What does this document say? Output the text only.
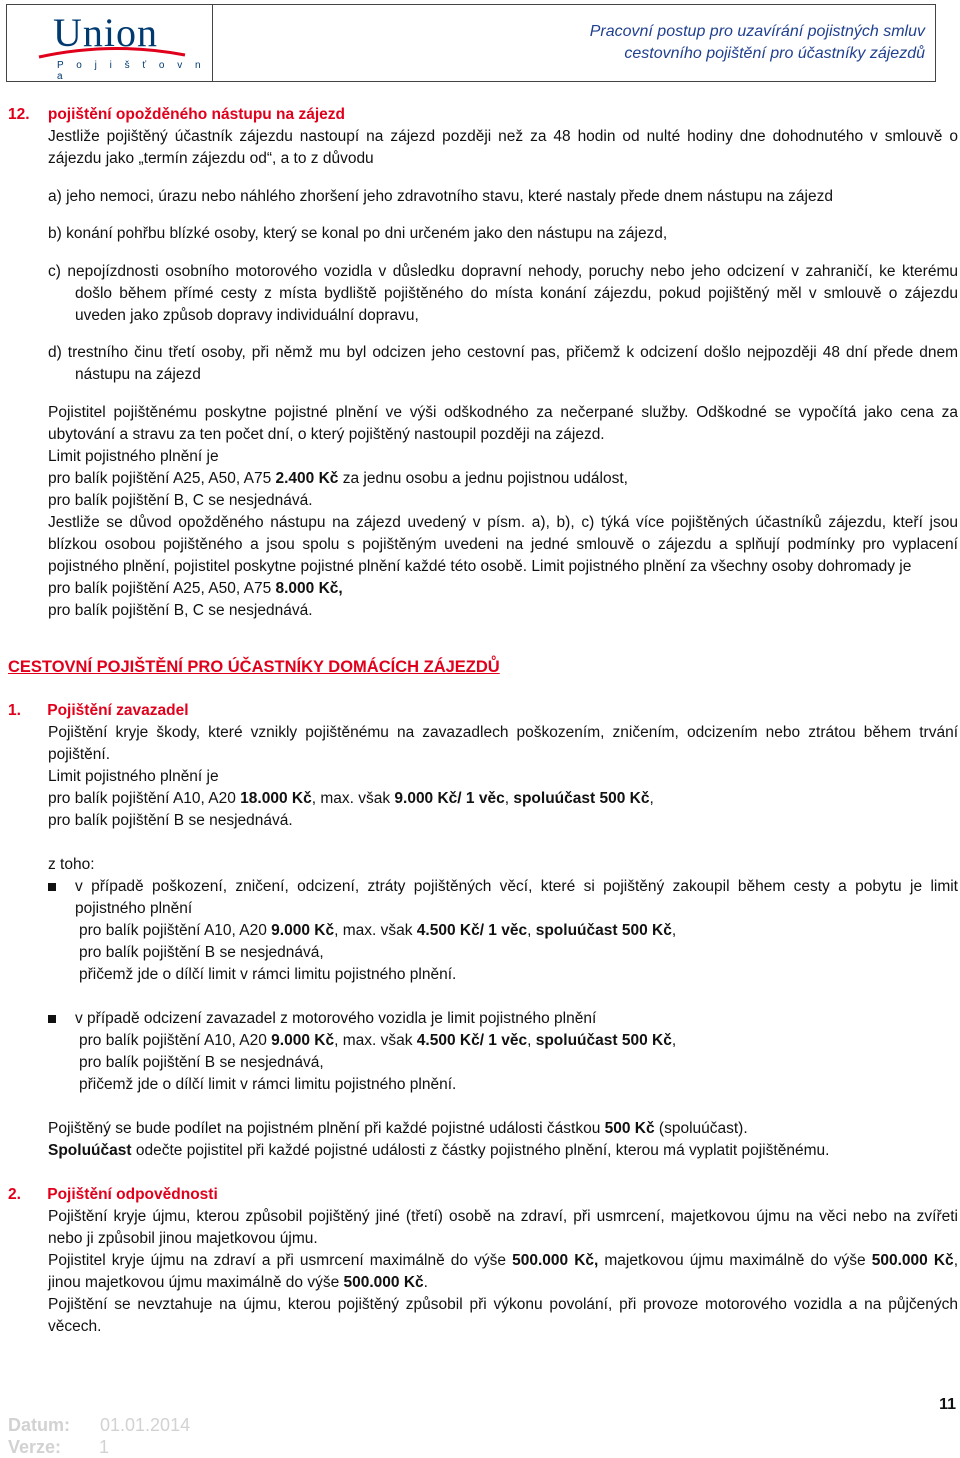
Union
P o j i š ť o v n a
Pracovní postup pro uzavírání pojistných smluv
cestovního pojištění pro účastníky zájezdů

12. pojištění opožděného nástupu na zájezd

Jestliže pojištěný účastník zájezdu nastoupí na zájezd později než za 48 hodin od nulté hodiny dne dohodnutého v smlouvě o zájezdu jako „termín zájezdu od“, a to z důvodu

a) jeho nemoci, úrazu nebo náhlého zhoršení jeho zdravotního stavu, které nastaly přede dnem nástupu na zájezd

b) konání pohřbu blízké osoby, který se konal po dni určeném jako den nástupu na zájezd,

c) nepojízdnosti osobního motorového vozidla v důsledku dopravní nehody, poruchy nebo jeho odcizení v zahraničí, ke kterému došlo během přímé cesty z místa bydliště pojištěného do místa konání zájezdu, pokud pojištěný měl v smlouvě o zájezdu uveden jako způsob dopravy individuální dopravu,

d) trestního činu třetí osoby, při němž mu byl odcizen jeho cestovní pas, přičemž k odcizení došlo nejpozději 48 dní přede dnem nástupu na zájezd

Pojistitel pojištěnému poskytne pojistné plnění ve výši odškodného za nečerpané služby. Odškodné se vypočítá jako cena za ubytování a stravu za ten počet dní, o který pojištěný nastoupil později na zájezd.

Limit pojistného plnění je

pro balík pojištění A25, A50, A75 2.400 Kč za jednu osobu a jednu pojistnou událost,

pro balík pojištění B, C se nesjednává.

Jestliže se důvod opožděného nástupu na zájezd uvedený v písm. a), b), c) týká více pojištěných účastníků zájezdu, kteří jsou blízkou osobou pojištěného a jsou spolu s pojištěným uvedeni na jedné smlouvě o zájezdu a splňují podmínky pro vyplacení pojistného plnění, pojistitel poskytne pojistné plnění každé této osobě. Limit pojistného plnění za všechny osoby dohromady je

pro balík pojištění A25, A50, A75 8.000 Kč,

pro balík pojištění B, C se nesjednává.

CESTOVNÍ POJIŠTĚNÍ PRO ÚČASTNÍKY DOMÁCÍCH ZÁJEZDŮ

1. Pojištění zavazadel

Pojištění kryje škody, které vznikly pojištěnému na zavazadlech poškozením, zničením, odcizením nebo ztrátou během trvání pojištění.

Limit pojistného plnění je

pro balík pojištění A10, A20 18.000 Kč, max. však 9.000 Kč/ 1 věc, spoluúčast 500 Kč,

pro balík pojištění B se nesjednává.

z toho:

v případě poškození, zničení, odcizení, ztráty pojištěných věcí, které si pojištěný zakoupil během cesty a pobytu je limit pojistného plnění
pro balík pojištění A10, A20 9.000 Kč, max. však 4.500 Kč/ 1 věc, spoluúčast 500 Kč,
pro balík pojištění B se nesjednává,
přičemž jde o dílčí limit v rámci limitu pojistného plnění.
v případě odcizení zavazadel z motorového vozidla je limit pojistného plnění
pro balík pojištění A10, A20 9.000 Kč, max. však 4.500 Kč/ 1 věc, spoluúčast 500 Kč,
pro balík pojištění B se nesjednává,
přičemž jde o dílčí limit v rámci limitu pojistného plnění.

Pojištěný se bude podílet na pojistném plnění při každé pojistné události částkou 500 Kč (spoluúčast).

Spoluúčast odečte pojistitel při každé pojistné události z částky pojistného plnění, kterou má vyplatit pojištěnému.

2. Pojištění odpovědnosti

Pojištění kryje újmu, kterou způsobil pojištěný jiné (třetí) osobě na zdraví, při usmrcení, majetkovou újmu na věci nebo na zvířeti nebo ji způsobil jinou majetkovou újmu.

Pojistitel kryje újmu na zdraví a při usmrcení maximálně do výše 500.000 Kč, majetkovou újmu maximálně do výše 500.000 Kč, jinou majetkovou újmu maximálně do výše 500.000 Kč.

Pojištění se nevztahuje na újmu, kterou pojištěný způsobil při výkonu povolání, při provoze motorového vozidla a na půjčených věcech.

11
Datum: 01.01.2014
Verze: 1
